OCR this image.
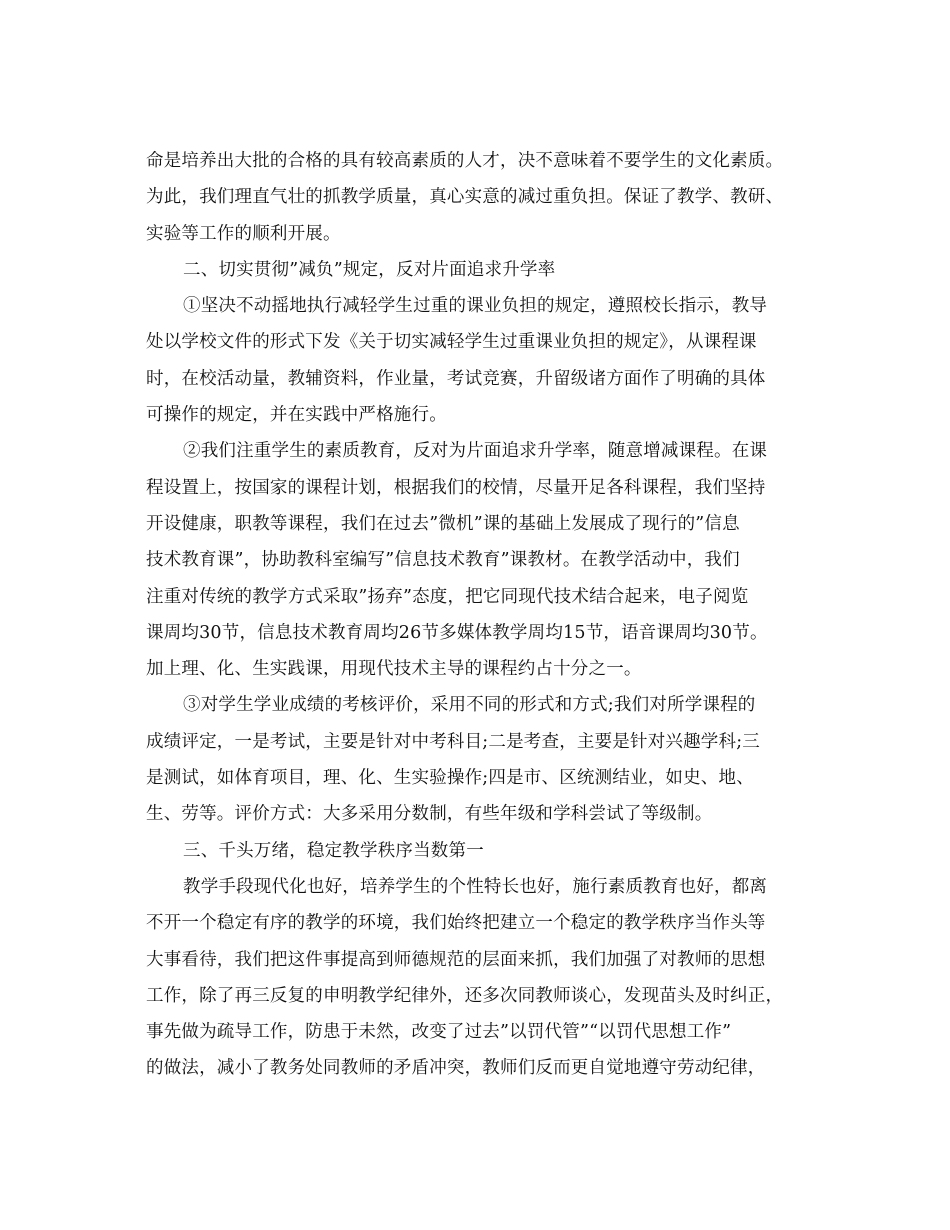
命是培养出大批的合格的具有较高素质的人才，决不意味着不要学生的文化素质。
为此，我们理直气壮的抓教学质量，真心实意的减过重负担。保证了教学、教研、
实验等工作的顺利开展。
二、切实贯彻”减负”规定，反对片面追求升学率
①坚决不动摇地执行减轻学生过重的课业负担的规定，遵照校长指示，教导
处以学校文件的形式下发《关于切实减轻学生过重课业负担的规定》，从课程课
时，在校活动量，教辅资料，作业量，考试竞赛，升留级诸方面作了明确的具体
可操作的规定，并在实践中严格施行。
②我们注重学生的素质教育，反对为片面追求升学率，随意增减课程。在课
程设置上，按国家的课程计划，根据我们的校情，尽量开足各科课程，我们坚持
开设健康，职教等课程，我们在过去”微机”课的基础上发展成了现行的”信息
技术教育课”，协助教科室编写”信息技术教育”课教材。在教学活动中，我们
注重对传统的教学方式采取”扬弃”态度，把它同现代技术结合起来，电子阅览
课周均30节，信息技术教育周均26节多媒体教学周均15节，语音课周均30节。
加上理、化、生实践课，用现代技术主导的课程约占十分之一。
③对学生学业成绩的考核评价，采用不同的形式和方式;我们对所学课程的
成绩评定，一是考试，主要是针对中考科目;二是考查，主要是针对兴趣学科;三
是测试，如体育项目，理、化、生实验操作;四是市、区统测结业，如史、地、
生、劳等。评价方式：大多采用分数制，有些年级和学科尝试了等级制。
三、千头万绪，稳定教学秩序当数第一
教学手段现代化也好，培养学生的个性特长也好，施行素质教育也好，都离
不开一个稳定有序的教学的环境，我们始终把建立一个稳定的教学秩序当作头等
大事看待，我们把这件事提高到师德规范的层面来抓，我们加强了对教师的思想
工作，除了再三反复的申明教学纪律外，还多次同教师谈心，发现苗头及时纠正，
事先做为疏导工作，防患于未然，改变了过去”以罚代管”“以罚代思想工作”
的做法，减小了教务处同教师的矛盾冲突，教师们反而更自觉地遵守劳动纪律，
